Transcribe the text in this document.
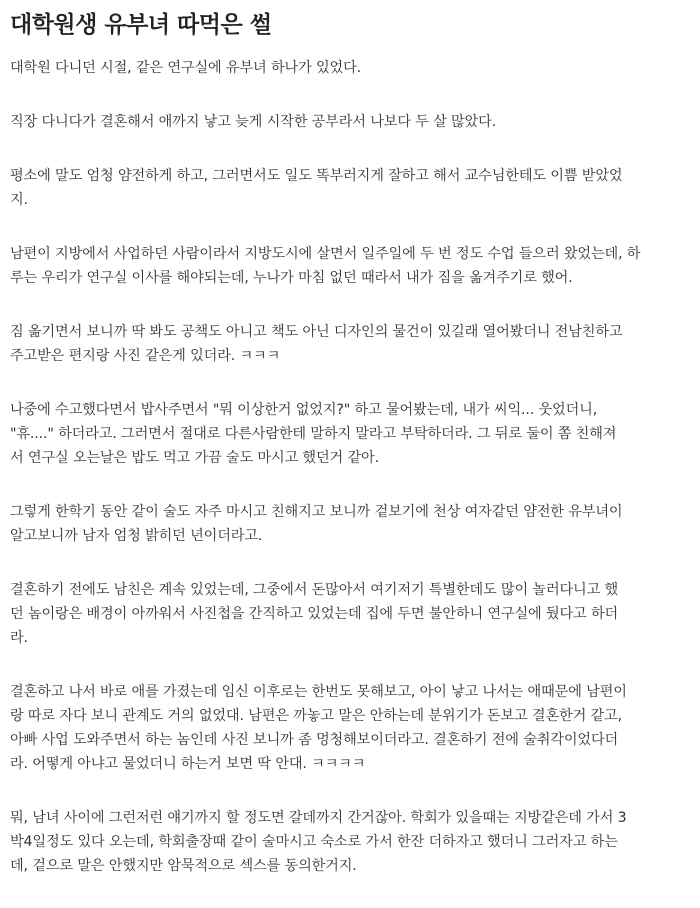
대학원생 유부녀 따먹은 썰

대학원 다니던 시절, 같은 연구실에 유부녀 하나가 있었다.

직장 다니다가 결혼해서 애까지 낳고 늦게 시작한 공부라서 나보다 두 살 많았다.

평소에 말도 엄청 얌전하게 하고, 그러면서도 일도 똑부러지게 잘하고 해서 교수님한테도 이쁨 받았었
지.

남편이 지방에서 사업하던 사람이라서 지방도시에 살면서 일주일에 두 번 정도 수업 들으러 왔었는데, 하
루는 우리가 연구실 이사를 해야되는데, 누나가 마침 없던 때라서 내가 짐을 옮겨주기로 했어.

짐 옮기면서 보니까 딱 봐도 공책도 아니고 책도 아닌 디자인의 물건이 있길래 열어봤더니 전남친하고
주고받은 편지랑 사진 같은게 있더라. ㅋㅋㅋ

나중에 수고했다면서 밥사주면서 "뭐 이상한거 없었지?" 하고 물어봤는데, 내가 씨익... 웃었더니,
"휴...." 하더라고. 그러면서 절대로 다른사람한테 말하지 말라고 부탁하더라. 그 뒤로 둘이 쫌 친해져
서 연구실 오는날은 밥도 먹고 가끔 술도 마시고 했던거 같아.

그렇게 한학기 동안 같이 술도 자주 마시고 친해지고 보니까 겉보기에 천상 여자같던 얌전한 유부녀이
알고보니까 남자 엄청 밝히던 년이더라고.

결혼하기 전에도 남친은 계속 있었는데, 그중에서 돈많아서 여기저기 특별한데도 많이 놀러다니고 했
던 놈이랑은 배경이 아까워서 사진첩을 간직하고 있었는데 집에 두면 불안하니 연구실에 뒀다고 하더
라.

결혼하고 나서 바로 애를 가졌는데 임신 이후로는 한번도 못해보고, 아이 낳고 나서는 애때문에 남편이
랑 따로 자다 보니 관계도 거의 없었대. 남편은 까놓고 말은 안하는데 분위기가 돈보고 결혼한거 같고,
아빠 사업 도와주면서 하는 놈인데 사진 보니까 좀 멍청해보이더라고. 결혼하기 전에 술취각이었다더
라. 어떻게 아냐고 물었더니 하는거 보면 딱 안대. ㅋㅋㅋㅋ

뭐, 남녀 사이에 그런저런 얘기까지 할 정도면 갈데까지 간거잖아. 학회가 있을때는 지방같은데 가서 3
박4일정도 있다 오는데, 학회출장때 같이 술마시고 숙소로 가서 한잔 더하자고 했더니 그러자고 하는
데, 겉으로 말은 안했지만 암묵적으로 섹스를 동의한거지.
